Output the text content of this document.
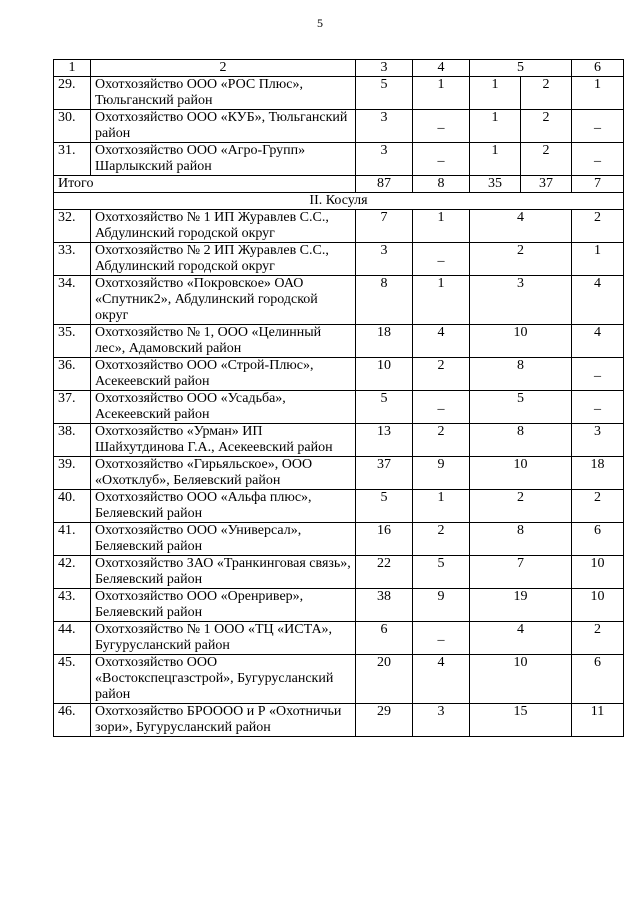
5
1	2	3	4	5		6
29.	Охотхозяйство ООО «РОС Плюс», Тюльганский район	5	1	1	2	1
30.	Охотхозяйство ООО «КУБ», Тюльганский район	3	_	1	2	_
31.	Охотхозяйство ООО «Агро-Групп» Шарлыкский район	3	_	1	2	_
Итого		87	8	35	37	7
II. Косуля						
32.	Охотхозяйство № 1 ИП Журавлев С.С., Абдулинский городской округ	7	1	4		2
33.	Охотхозяйство № 2 ИП Журавлев С.С., Абдулинский городской округ	3	_	2		1
34.	Охотхозяйство «Покровское» ОАО «Спутник2», Абдулинский городской округ	8	1	3		4
35.	Охотхозяйство № 1, ООО «Целинный лес», Адамовский район	18	4	10		4
36.	Охотхозяйство ООО «Строй-Плюс», Асекеевский район	10	2	8		_
37.	Охотхозяйство ООО «Усадьба», Асекеевский район	5	_	5		_
38.	Охотхозяйство «Урман» ИП Шайхутдинова Г.А., Асекеевский район	13	2	8		3
39.	Охотхозяйство «Гирьяльское», ООО «Охотклуб», Беляевский район	37	9	10		18
40.	Охотхозяйство ООО «Альфа плюс», Беляевский район	5	1	2		2
41.	Охотхозяйство ООО «Универсал», Беляевский район	16	2	8		6
42.	Охотхозяйство ЗАО «Транкинговая связь», Беляевский район	22	5	7		10
43.	Охотхозяйство ООО «Оренривер», Беляевский район	38	9	19		10
44.	Охотхозяйство № 1 ООО «ТЦ «ИСТА», Бугурусланский район	6	_	4		2
45.	Охотхозяйство ООО «Востокспецгазстрой», Бугурусланский район	20	4	10		6
46.	Охотхозяйство БРОООО и Р «Охотничьи зори», Бугурусланский район	29	3	15		11
